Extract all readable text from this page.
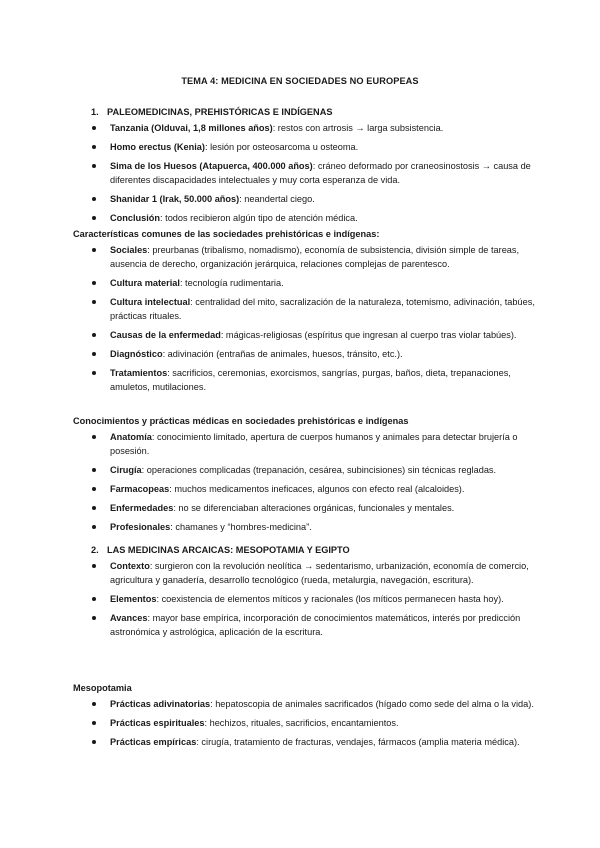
TEMA 4: MEDICINA EN SOCIEDADES NO EUROPEAS
1. PALEOMEDICINAS, PREHISTÓRICAS E INDÍGENAS
Tanzania (Olduvai, 1,8 millones años): restos con artrosis → larga subsistencia.
Homo erectus (Kenia): lesión por osteosarcoma u osteoma.
Sima de los Huesos (Atapuerca, 400.000 años): cráneo deformado por craneosinostosis → causa de diferentes discapacidades intelectuales y muy corta esperanza de vida.
Shanidar 1 (Irak, 50.000 años): neandertal ciego.
Conclusión: todos recibieron algún tipo de atención médica.
Características comunes de las sociedades prehistóricas e indígenas:
Sociales: preurbanas (tribalismo, nomadismo), economía de subsistencia, división simple de tareas, ausencia de derecho, organización jerárquica, relaciones complejas de parentesco.
Cultura material: tecnología rudimentaria.
Cultura intelectual: centralidad del mito, sacralización de la naturaleza, totemismo, adivinación, tabúes, prácticas rituales.
Causas de la enfermedad: mágicas-religiosas (espíritus que ingresan al cuerpo tras violar tabúes).
Diagnóstico: adivinación (entrañas de animales, huesos, tránsito, etc.).
Tratamientos: sacrificios, ceremonias, exorcismos, sangrías, purgas, baños, dieta, trepanaciones, amuletos, mutilaciones.
Conocimientos y prácticas médicas en sociedades prehistóricas e indígenas
Anatomía: conocimiento limitado, apertura de cuerpos humanos y animales para detectar brujería o posesión.
Cirugía: operaciones complicadas (trepanación, cesárea, subincisiones) sin técnicas regladas.
Farmacopeas: muchos medicamentos ineficaces, algunos con efecto real (alcaloides).
Enfermedades: no se diferenciaban alteraciones orgánicas, funcionales y mentales.
Profesionales: chamanes y “hombres-medicina”.
2. LAS MEDICINAS ARCAICAS: MESOPOTAMIA Y EGIPTO
Contexto: surgieron con la revolución neolítica → sedentarismo, urbanización, economía de comercio, agricultura y ganadería, desarrollo tecnológico (rueda, metalurgia, navegación, escritura).
Elementos: coexistencia de elementos míticos y racionales (los míticos permanecen hasta hoy).
Avances: mayor base empírica, incorporación de conocimientos matemáticos, interés por predicción astronómica y astrológica, aplicación de la escritura.
Mesopotamia
Prácticas adivinatorias: hepatoscopia de animales sacrificados (hígado como sede del alma o la vida).
Prácticas espirituales: hechizos, rituales, sacrificios, encantamientos.
Prácticas empíricas: cirugía, tratamiento de fracturas, vendajes, fármacos (amplia materia médica).
